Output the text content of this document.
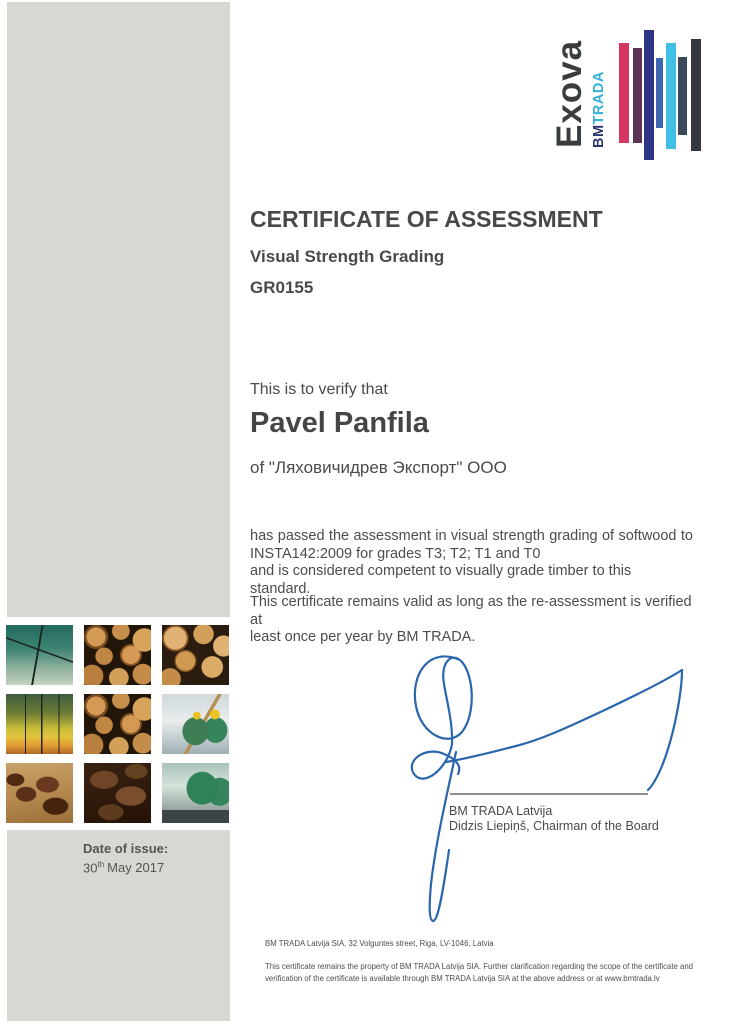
Exova BMTRADA
CERTIFICATE OF ASSESSMENT
Visual Strength Grading
GR0155
This is to verify that
Pavel Panfila
of "Ляховичидрев Экспорт" ООО
has passed the assessment in visual strength grading of softwood to
INSTA142:2009 for grades T3; T2; T1 and T0
and is considered competent to visually grade timber to this standard.
This certificate remains valid as long as the re-assessment is verified at
least once per year by BM TRADA.
BM TRADA Latvija
Didzis Liepiņš, Chairman of the Board
Date of issue:
30th May 2017
BM TRADA Latvija SIA, 32 Volguntes street, Riga, LV-1046, Latvia
This certificate remains the property of BM TRADA Latvija SIA. Further clarification regarding the scope of the certificate and
verification of the certificate is available through BM TRADA Latvija SIA at the above address or at www.bmtrada.lv
